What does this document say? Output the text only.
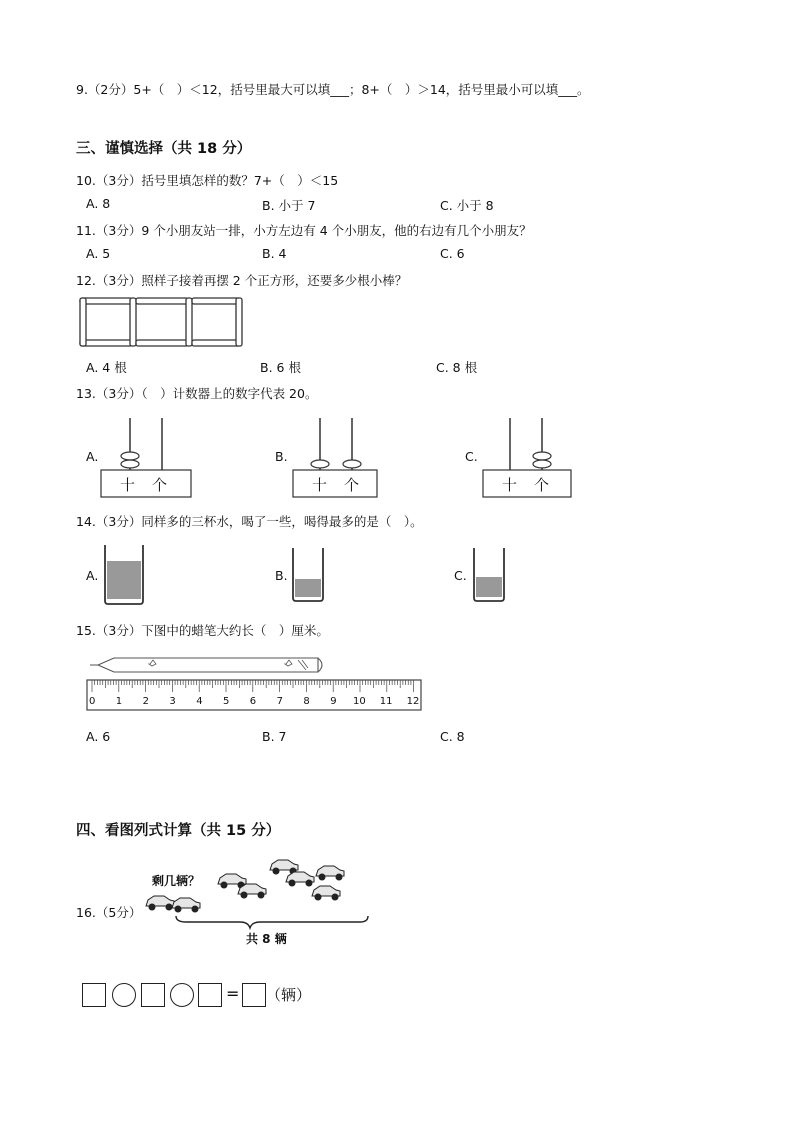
9.（2分）5+（　）＜12，括号里最大可以填___；8+（　）＞14，括号里最小可以填___。
三、谨慎选择（共 18 分）
10.（3分）括号里填怎样的数？7+（　）＜15
A. 8	B. 小于 7	C. 小于 8
11.（3分）9 个小朋友站一排，小方左边有 4 个小朋友，他的右边有几个小朋友？
A. 5	B. 4	C. 6
12.（3分）照样子接着再摆 2 个正方形，还要多少根小棒？
A. 4 根	B. 6 根	C. 8 根
13.（3分）（　）计数器上的数字代表 20。
A.
十 个
B.
十 个
C.
十 个
14.（3分）同样多的三杯水，喝了一些，喝得最多的是（　）。
A.	B.	C.
15.（3分）下图中的蜡笔大约长（　）厘米。
0 1 2 3 4 5 6 7 8 9 10 11 12
A. 6	B. 7	C. 8
四、看图列式计算（共 15 分）
16.（5分）
剩几辆？
共 8 辆
= （辆）
